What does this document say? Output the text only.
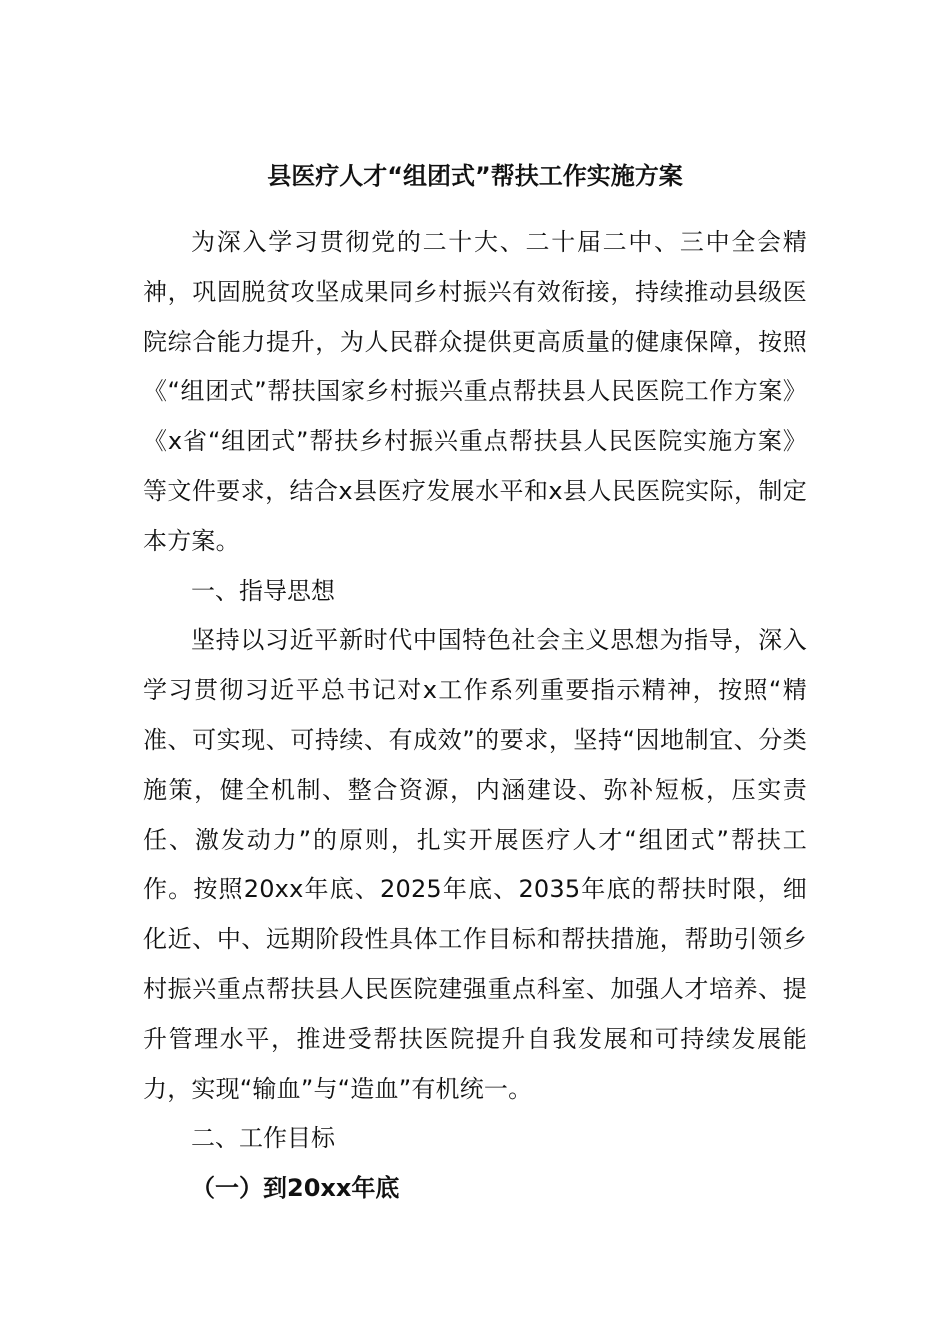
县医疗人才“组团式”帮扶工作实施方案

为深入学习贯彻党的二十大、二十届二中、三中全会精神，巩固脱贫攻坚成果同乡村振兴有效衔接，持续推动县级医院综合能力提升，为人民群众提供更高质量的健康保障，按照《“组团式”帮扶国家乡村振兴重点帮扶县人民医院工作方案》《x省“组团式”帮扶乡村振兴重点帮扶县人民医院实施方案》等文件要求，结合x县医疗发展水平和x县人民医院实际，制定本方案。

一、指导思想

坚持以习近平新时代中国特色社会主义思想为指导，深入学习贯彻习近平总书记对x工作系列重要指示精神，按照“精准、可实现、可持续、有成效”的要求，坚持“因地制宜、分类施策，健全机制、整合资源，内涵建设、弥补短板，压实责任、激发动力”的原则，扎实开展医疗人才“组团式”帮扶工作。按照20xx年底、2025年底、2035年底的帮扶时限，细化近、中、远期阶段性具体工作目标和帮扶措施，帮助引领乡村振兴重点帮扶县人民医院建强重点科室、加强人才培养、提升管理水平，推进受帮扶医院提升自我发展和可持续发展能力，实现“输血”与“造血”有机统一。

二、工作目标

（一）到20xx年底
